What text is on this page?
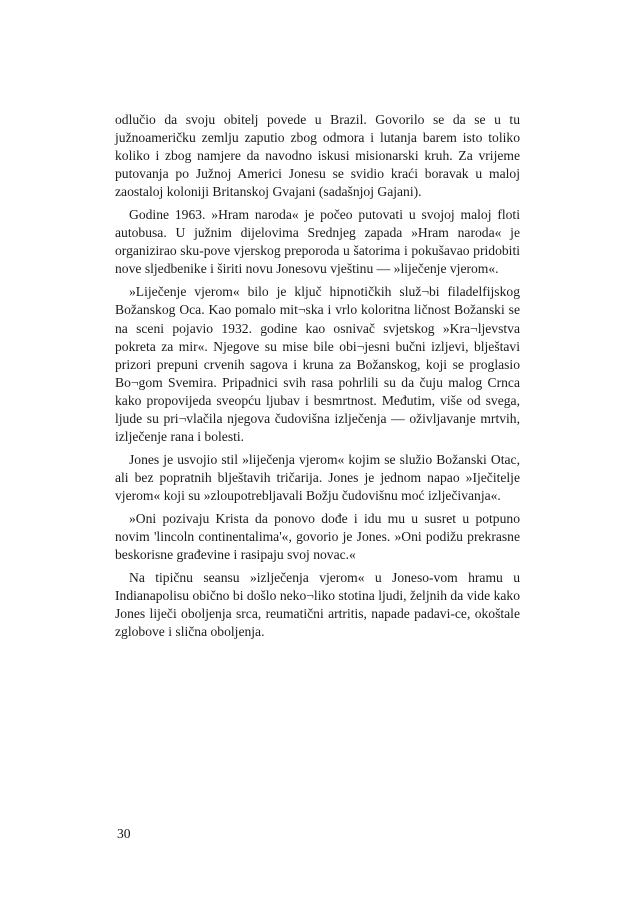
odlučio da svoju obitelj povede u Brazil. Govorilo se da se u tu južnoameričku zemlju zaputio zbog odmora i lutanja barem isto toliko koliko i zbog namjere da navodno iskusi misionarski kruh. Za vrijeme putovanja po Južnoj Americi Jonesu se svidio kraći boravak u maloj zaostaloj koloniji Britanskoj Gvajani (sadašnjoj Gajani).

Godine 1963. »Hram naroda« je počeo putovati u svojoj maloj floti autobusa. U južnim dijelovima Srednjeg zapada »Hram naroda« je organizirao sku-pove vjerskog preporoda u šatorima i pokušavao pridobiti nove sljedbenike i širiti novu Jonesovu vještinu — »liječenje vjerom«.

»Liječenje vjerom« bilo je ključ hipnotičkih služ¬bi filadelfijskog Božanskog Oca. Kao pomalo mit¬ska i vrlo koloritna ličnost Božanski se na sceni pojavio 1932. godine kao osnivač svjetskog »Kra¬ljevstva pokreta za mir«. Njegove su mise bile obi¬jesni bučni izljevi, blještavi prizori prepuni crvenih sagova i kruna za Božanskog, koji se proglasio Bo¬gom Svemira. Pripadnici svih rasa pohrlili su da čuju malog Crnca kako propovijeda sveopću ljubav i besmrtnost. Međutim, više od svega, ljude su pri¬vlačila njegova čudovišna izlječenja — oživljavanje mrtvih, izlječenje rana i bolesti.

Jones je usvojio stil »liječenja vjerom« kojim se služio Božanski Otac, ali bez popratnih blještavih tričarija. Jones je jednom napao »Iječitelje vjerom« koji su »zloupotrebljavali Božju čudovišnu moć izlječivanja«.

»Oni pozivaju Krista da ponovo dođe i idu mu u susret u potpuno novim 'lincoln continentalima'«, govorio je Jones. »Oni podižu prekrasne beskorisne građevine i rasipaju svoj novac.«

Na tipičnu seansu »izlječenja vjerom« u Joneso-vom hramu u Indianapolisu obično bi došlo neko¬liko stotina ljudi, željnih da vide kako Jones liječi oboljenja srca, reumatični artritis, napade padavi-ce, okoštale zglobove i slična oboljenja.

30
